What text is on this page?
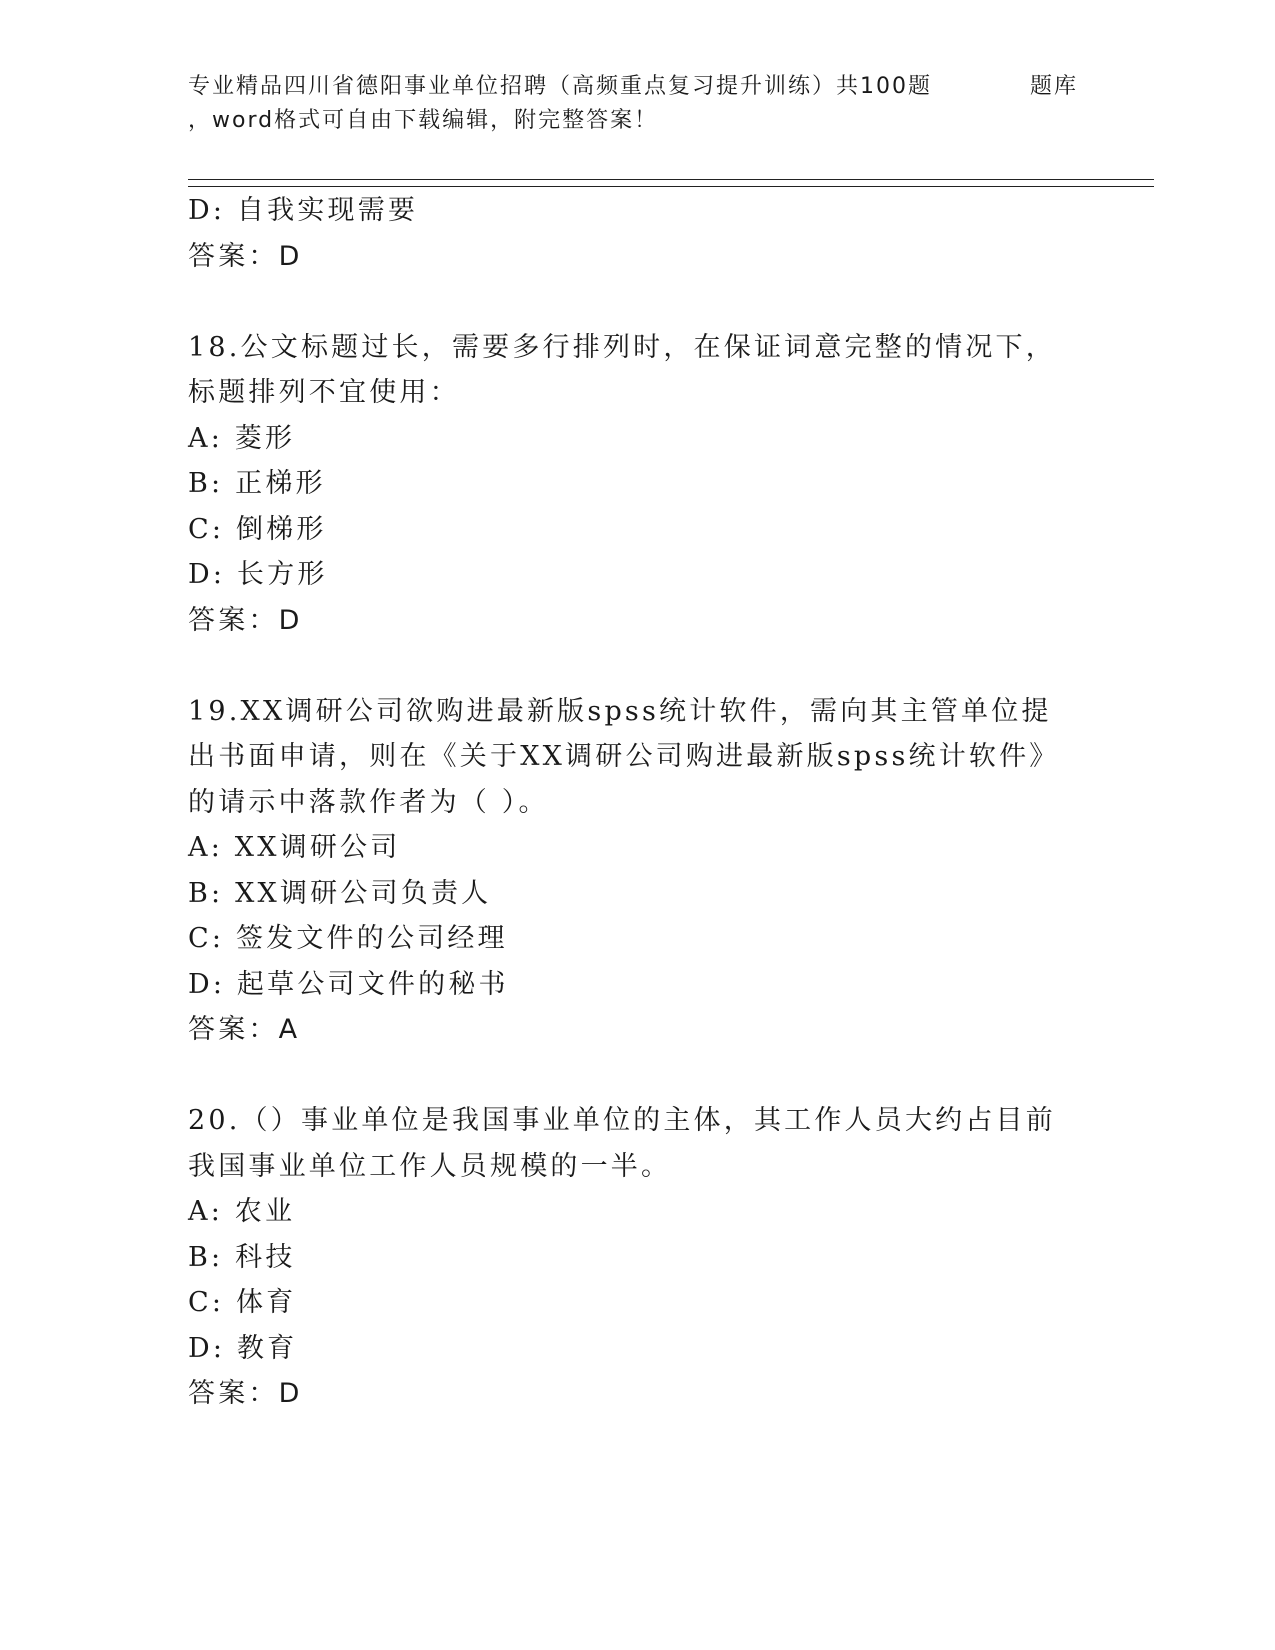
专业精品四川省德阳事业单位招聘（高频重点复习提升训练）共100题	题库
，word格式可自由下载编辑，附完整答案！
D: 自我实现需要
答案：D
18.公文标题过长，需要多行排列时，在保证词意完整的情况下，标题排列不宜使用：
A: 菱形
B: 正梯形
C: 倒梯形
D: 长方形
答案：D
19.XX调研公司欲购进最新版spss统计软件，需向其主管单位提出书面申请，则在《关于XX调研公司购进最新版spss统计软件》的请示中落款作者为（ ）。
A: XX调研公司
B: XX调研公司负责人
C: 签发文件的公司经理
D: 起草公司文件的秘书
答案：A
20.（）事业单位是我国事业单位的主体，其工作人员大约占目前我国事业单位工作人员规模的一半。
A: 农业
B: 科技
C: 体育
D: 教育
答案：D
